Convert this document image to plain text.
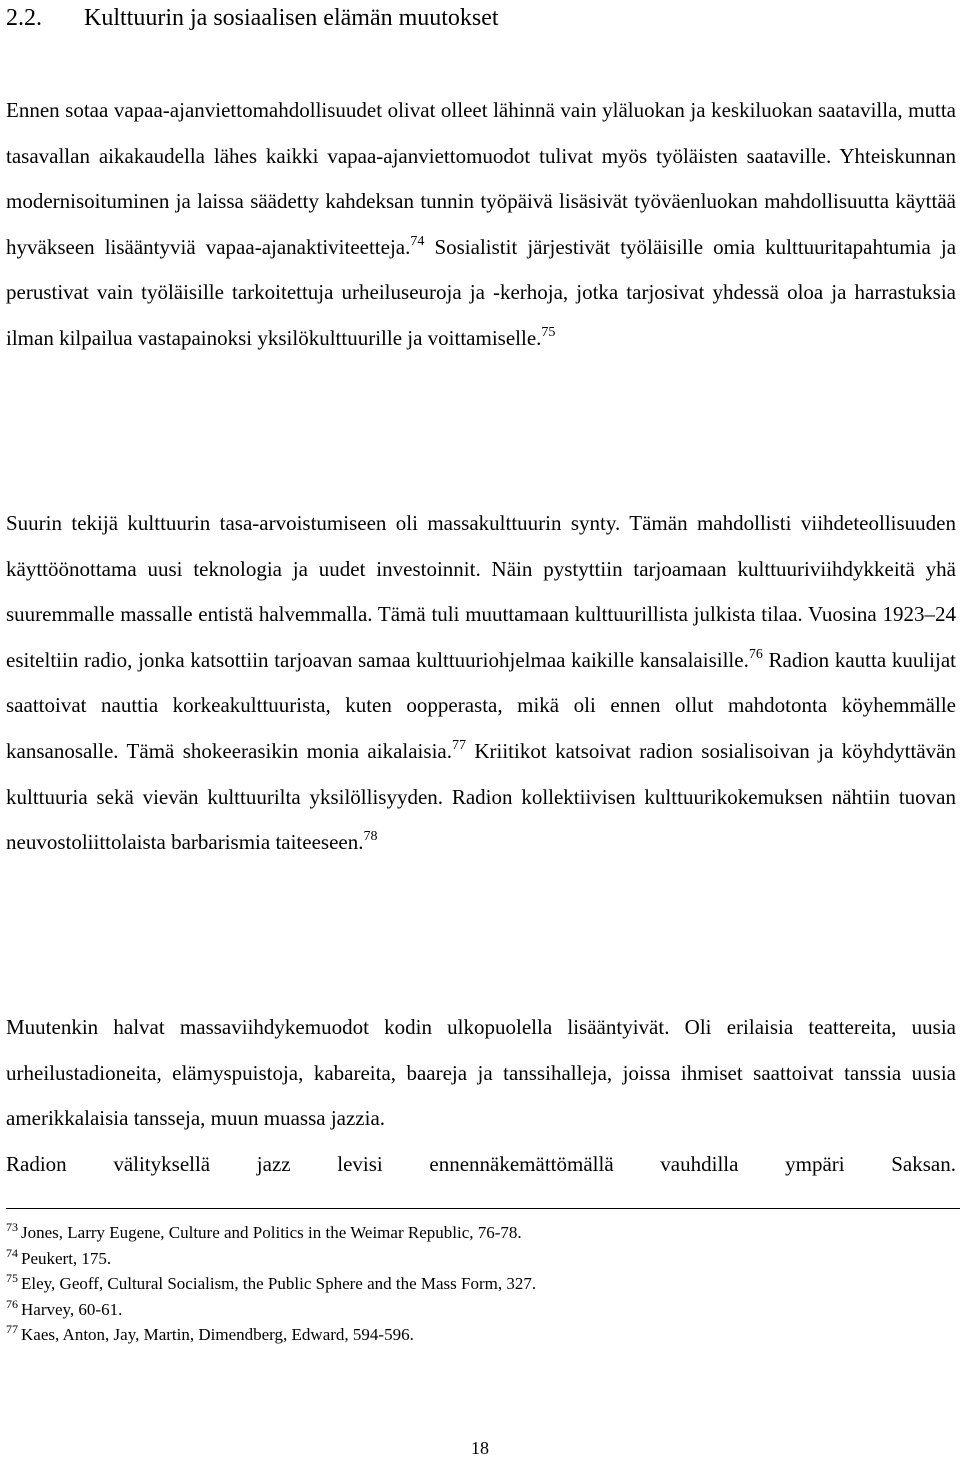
2.2. Kulttuurin ja sosiaalisen elämän muutokset

Ennen sotaa vapaa-ajanviettomahdollisuudet olivat olleet lähinnä vain yläluokan ja keskiluokan saatavilla, mutta tasavallan aikakaudella lähes kaikki vapaa-ajanviettomuodot tulivat myös työläisten saataville. Yhteiskunnan modernisoituminen ja laissa säädetty kahdeksan tunnin työpäivä lisäsivät työväenluokan mahdollisuutta käyttää hyväkseen lisääntyviä vapaa-ajanaktiviteetteja.$^{74}$ Sosialistit järjestivät työläisille omia kulttuuritapahtumia ja perustivat vain työläisille tarkoitettuja urheiluseuroja ja -kerhoja, jotka tarjosivat yhdessä oloa ja harrastuksia ilman kilpailua vastapainoksi yksilökulttuurille ja voittamiselle.$^{75}$

Suurin tekijä kulttuurin tasa-arvoistumiseen oli massakulttuurin synty. Tämän mahdollisti viihdeteollisuuden käyttöönottama uusi teknologia ja uudet investoinnit. Näin pystyttiin tarjoamaan kulttuuriviihdykkeitä yhä suuremmalle massalle entistä halvemmalla. Tämä tuli muuttamaan kulttuurillista julkista tilaa. Vuosina 1923–24 esiteltiin radio, jonka katsottiin tarjoavan samaa kulttuuriohjelmaa kaikille kansalaisille.$^{76}$ Radion kautta kuulijat saattoivat nauttia korkeakulttuurista, kuten oopperasta, mikä oli ennen ollut mahdotonta köyhemmälle kansanosalle. Tämä shokeerasikin monia aikalaisia.$^{77}$ Kriitikot katsoivat radion sosialisoivan ja köyhdyttävän kulttuuria sekä vievän kulttuurilta yksilöllisyyden. Radion kollektiivisen kulttuurikokemuksen nähtiin tuovan neuvostoliittolaista barbarismia taiteeseen.$^{78}$

Muutenkin halvat massaviihdykemuodot kodin ulkopuolella lisääntyivät. Oli erilaisia teattereita, uusia urheilustadioneita, elämyspuistoja, kabareita, baareja ja tanssihalleja, joissa ihmiset saattoivat tanssia uusia amerikkalaisia tansseja, muun muassa jazzia.
Radion välityksellä jazz levisi ennennäkemättömällä vauhdilla ympäri Saksan.

$^{73}$ Jones, Larry Eugene, Culture and Politics in the Weimar Republic, 76-78.
$^{74}$ Peukert, 175.
$^{75}$ Eley, Geoff, Cultural Socialism, the Public Sphere and the Mass Form, 327.
$^{76}$ Harvey, 60-61.
$^{77}$ Kaes, Anton, Jay, Martin, Dimendberg, Edward, 594-596.
18
